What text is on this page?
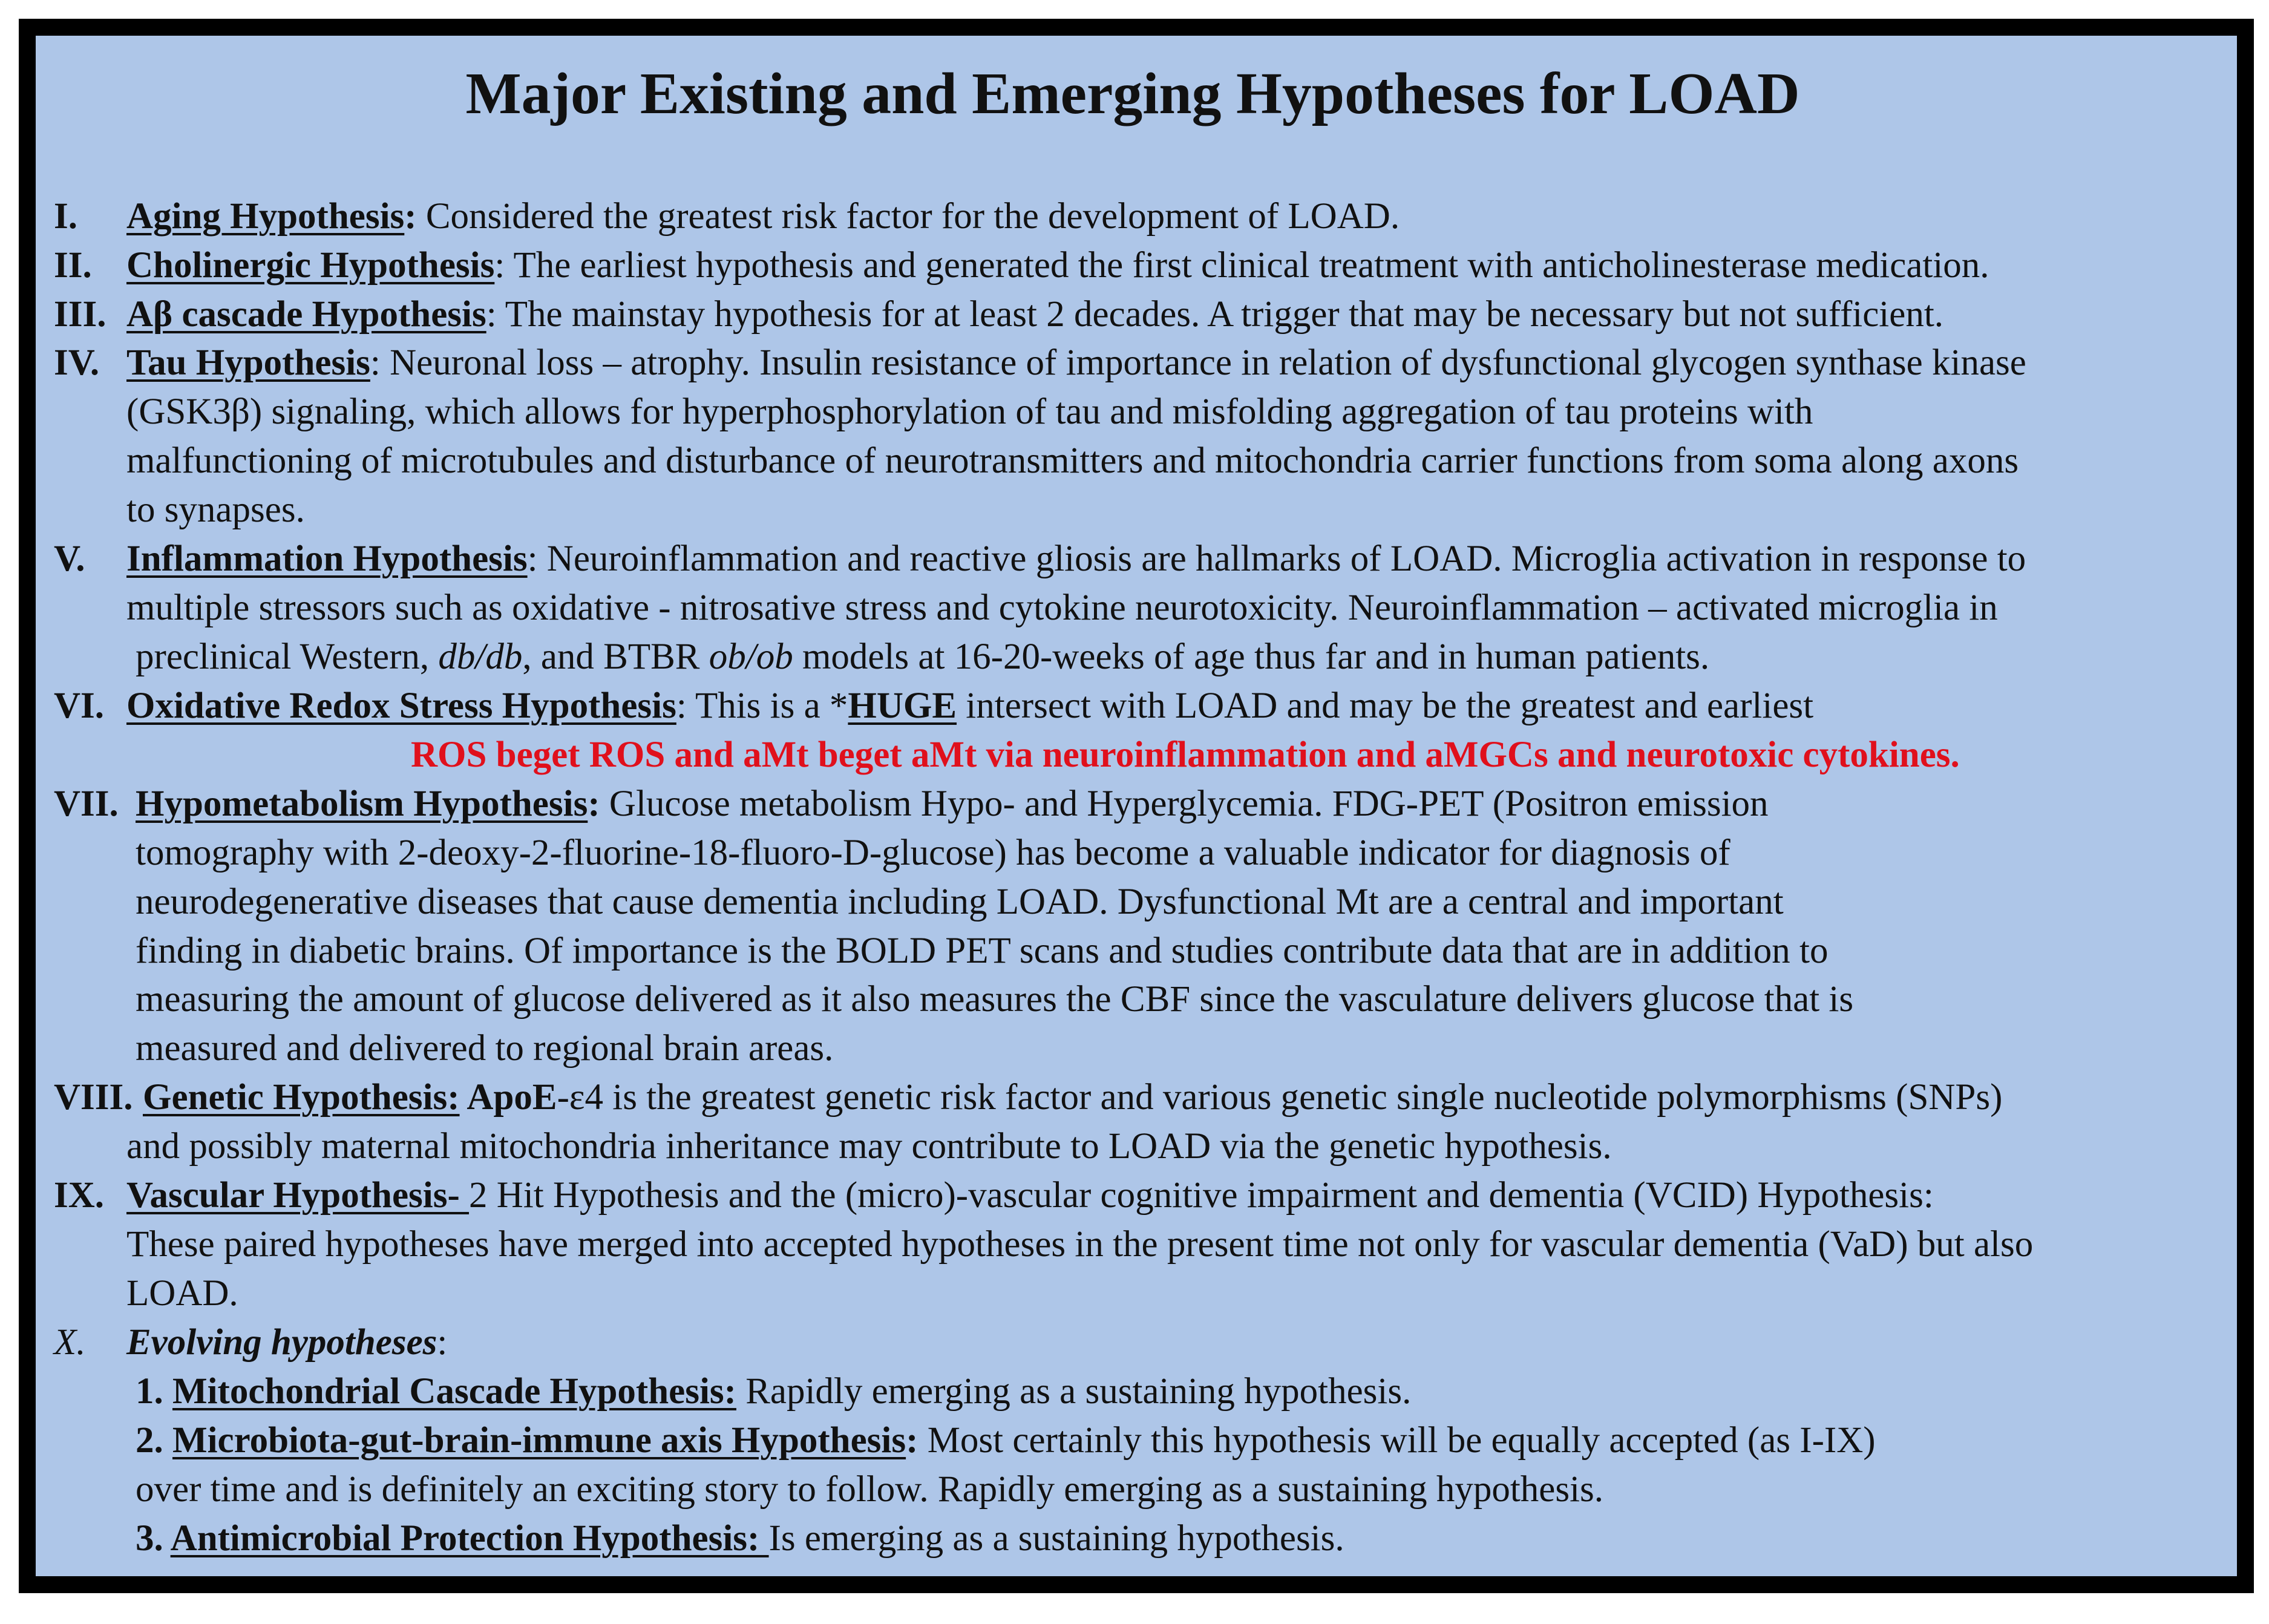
Major Existing and Emerging Hypotheses for LOAD
I. Aging Hypothesis: Considered the greatest risk factor for the development of LOAD.
II. Cholinergic Hypothesis: The earliest hypothesis and generated the first clinical treatment with anticholinesterase medication.
III. Aβ cascade Hypothesis: The mainstay hypothesis for at least 2 decades. A trigger that may be necessary but not sufficient.
IV. Tau Hypothesis: Neuronal loss – atrophy. Insulin resistance of importance in relation of dysfunctional glycogen synthase kinase
(GSK3β) signaling, which allows for hyperphosphorylation of tau and misfolding aggregation of tau proteins with
malfunctioning of microtubules and disturbance of neurotransmitters and mitochondria carrier functions from soma along axons
to synapses.
V. Inflammation Hypothesis: Neuroinflammation and reactive gliosis are hallmarks of LOAD. Microglia activation in response to
multiple stressors such as oxidative - nitrosative stress and cytokine neurotoxicity. Neuroinflammation – activated microglia in
preclinical Western, db/db, and BTBR ob/ob models at 16-20-weeks of age thus far and in human patients.
VI. Oxidative Redox Stress Hypothesis: This is a *HUGE intersect with LOAD and may be the greatest and earliest
ROS beget ROS and aMt beget aMt via neuroinflammation and aMGCs and neurotoxic cytokines.
VII. Hypometabolism Hypothesis: Glucose metabolism Hypo- and Hyperglycemia. FDG-PET (Positron emission
tomography with 2-deoxy-2-fluorine-18-fluoro-D-glucose) has become a valuable indicator for diagnosis of
neurodegenerative diseases that cause dementia including LOAD. Dysfunctional Mt are a central and important
finding in diabetic brains. Of importance is the BOLD PET scans and studies contribute data that are in addition to
measuring the amount of glucose delivered as it also measures the CBF since the vasculature delivers glucose that is
measured and delivered to regional brain areas.
VIII. Genetic Hypothesis: ApoE-ε4 is the greatest genetic risk factor and various genetic single nucleotide polymorphisms (SNPs)
and possibly maternal mitochondria inheritance may contribute to LOAD via the genetic hypothesis.
IX. Vascular Hypothesis- 2 Hit Hypothesis and the (micro)-vascular cognitive impairment and dementia (VCID) Hypothesis:
These paired hypotheses have merged into accepted hypotheses in the present time not only for vascular dementia (VaD) but also
LOAD.
X. Evolving hypotheses:
1. Mitochondrial Cascade Hypothesis: Rapidly emerging as a sustaining hypothesis.
2. Microbiota-gut-brain-immune axis Hypothesis: Most certainly this hypothesis will be equally accepted (as I-IX)
over time and is definitely an exciting story to follow. Rapidly emerging as a sustaining hypothesis.
3. Antimicrobial Protection Hypothesis: Is emerging as a sustaining hypothesis.
